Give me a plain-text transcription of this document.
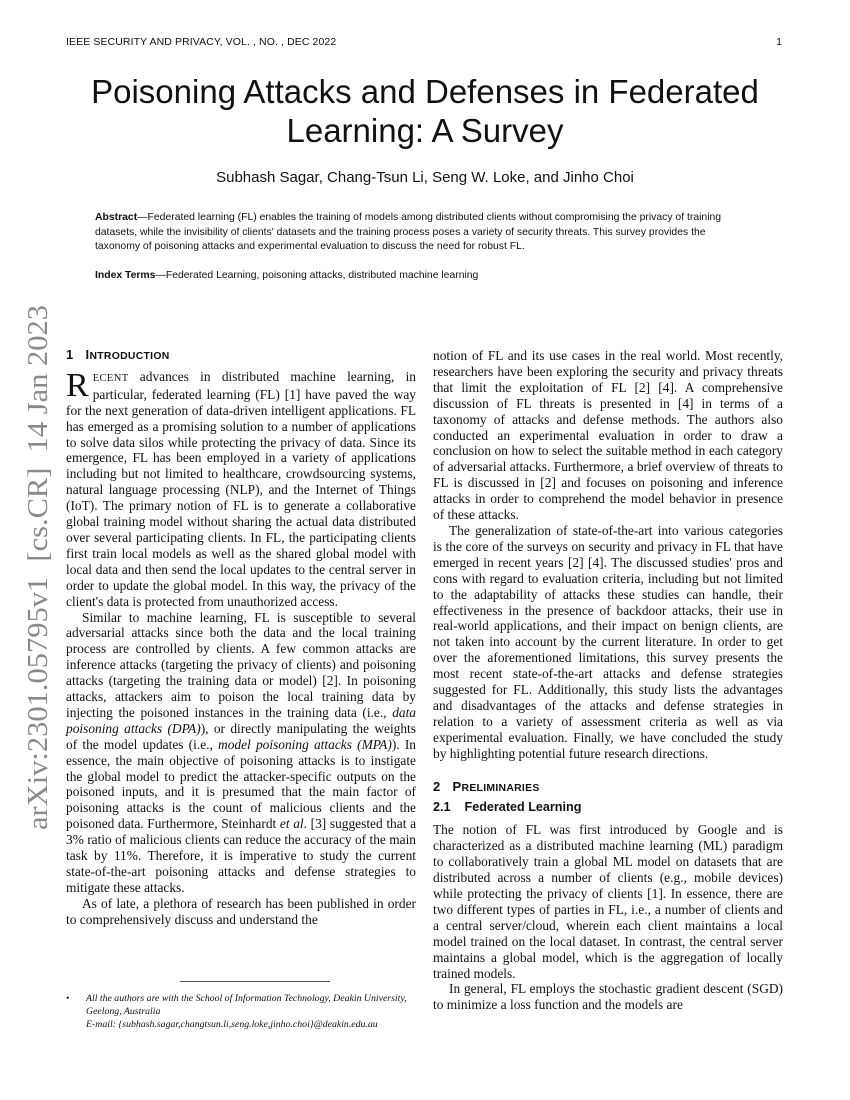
IEEE SECURITY AND PRIVACY, VOL. , NO. , DEC 2022	1
Poisoning Attacks and Defenses in Federated Learning: A Survey
Subhash Sagar, Chang-Tsun Li, Seng W. Loke, and Jinho Choi

Abstract—Federated learning (FL) enables the training of models among distributed clients without compromising the privacy of training datasets, while the invisibility of clients' datasets and the training process poses a variety of security threats. This survey provides the taxonomy of poisoning attacks and experimental evaluation to discuss the need for robust FL.

Index Terms—Federated Learning, poisoning attacks, distributed machine learning

arXiv:2301.05795v1  [cs.CR]  14 Jan 2023 1 INTRODUCTION

RECENT advances in distributed machine learning, in particular, federated learning (FL) [1] have paved the way for the next generation of data-driven intelligent applications. FL has emerged as a promising solution to a number of applications to solve data silos while protecting the privacy of data. Since its emergence, FL has been employed in a variety of applications including but not limited to healthcare, crowdsourcing systems, natural language processing (NLP), and the Internet of Things (IoT). The primary notion of FL is to generate a collaborative global training model without sharing the actual data distributed over several participating clients. In FL, the participating clients first train local models as well as the shared global model with local data and then send the local updates to the central server in order to update the global model. In this way, the privacy of the client's data is protected from unauthorized access.

Similar to machine learning, FL is susceptible to several adversarial attacks since both the data and the local training process are controlled by clients. A few common attacks are inference attacks (targeting the privacy of clients) and poisoning attacks (targeting the training data or model) [2]. In poisoning attacks, attackers aim to poison the local training data by injecting the poisoned instances in the training data (i.e., data poisoning attacks (DPA)), or directly manipulating the weights of the model updates (i.e., model poisoning attacks (MPA)). In essence, the main objective of poisoning attacks is to instigate the global model to predict the attacker-specific outputs on the poisoned inputs, and it is presumed that the main factor of poisoning attacks is the count of malicious clients and the poisoned data. Furthermore, Steinhardt et al. [3] suggested that a 3% ratio of malicious clients can reduce the accuracy of the main task by 11%. Therefore, it is imperative to study the current state-of-the-art poisoning attacks and defense strategies to mitigate these attacks.

As of late, a plethora of research has been published in order to comprehensively discuss and understand the

• All the authors are with the School of Information Technology, Deakin University, Geelong, Australia
E-mail: {subhash.sagar,changtsun.li,seng.loke,jinho.choi}@deakin.edu.au

notion of FL and its use cases in the real world. Most recently, researchers have been exploring the security and privacy threats that limit the exploitation of FL [2] [4]. A comprehensive discussion of FL threats is presented in [4] in terms of a taxonomy of attacks and defense methods. The authors also conducted an experimental evaluation in order to draw a conclusion on how to select the suitable method in each category of adversarial attacks. Furthermore, a brief overview of threats to FL is discussed in [2] and focuses on poisoning and inference attacks in order to comprehend the model behavior in presence of these attacks.

The generalization of state-of-the-art into various categories is the core of the surveys on security and privacy in FL that have emerged in recent years [2] [4]. The discussed studies' pros and cons with regard to evaluation criteria, including but not limited to the adaptability of attacks these studies can handle, their effectiveness in the presence of backdoor attacks, their use in real-world applications, and their impact on benign clients, are not taken into account by the current literature. In order to get over the aforementioned limitations, this survey presents the most recent state-of-the-art attacks and defense strategies suggested for FL. Additionally, this study lists the advantages and disadvantages of the attacks and defense strategies in relation to a variety of assessment criteria as well as via experimental evaluation. Finally, we have concluded the study by highlighting potential future research directions.

2 PRELIMINARIES
2.1 Federated Learning

The notion of FL was first introduced by Google and is characterized as a distributed machine learning (ML) paradigm to collaboratively train a global ML model on datasets that are distributed across a number of clients (e.g., mobile devices) while protecting the privacy of clients [1]. In essence, there are two different types of parties in FL, i.e., a number of clients and a central server/cloud, wherein each client maintains a local model trained on the local dataset. In contrast, the central server maintains a global model, which is the aggregation of locally trained models.

In general, FL employs the stochastic gradient descent (SGD) to minimize a loss function and the models are
